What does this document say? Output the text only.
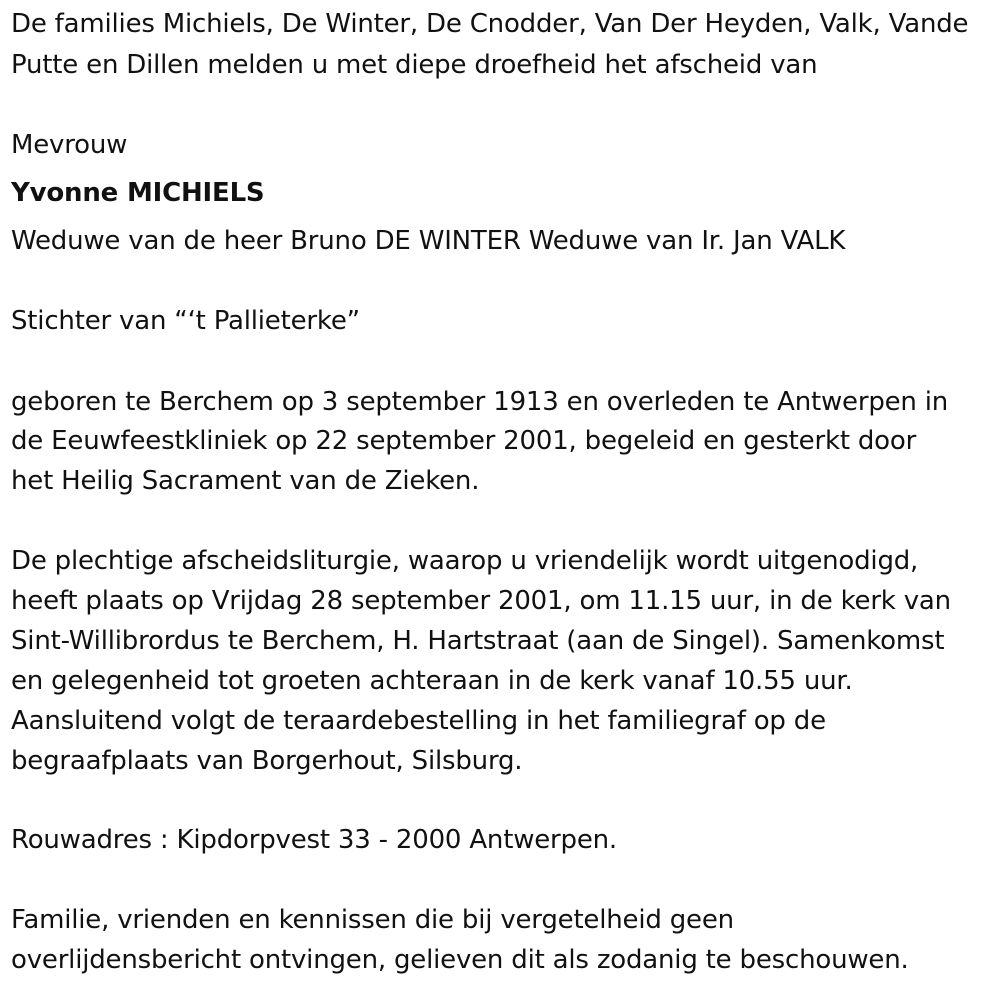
De families Michiels, De Winter, De Cnodder, Van Der Heyden, Valk, Vande
Putte en Dillen melden u met diepe droefheid het afscheid van
Mevrouw
Yvonne MICHIELS
Weduwe van de heer Bruno DE WINTER Weduwe van Ir. Jan VALK
Stichter van “‘t Pallieterke”
geboren te Berchem op 3 september 1913 en overleden te Antwerpen in
de Eeuwfeestkliniek op 22 september 2001, begeleid en gesterkt door
het Heilig Sacrament van de Zieken.
De plechtige afscheidsliturgie, waarop u vriendelijk wordt uitgenodigd,
heeft plaats op Vrijdag 28 september 2001, om 11.15 uur, in de kerk van
Sint-Willibrordus te Berchem, H. Hartstraat (aan de Singel). Samenkomst
en gelegenheid tot groeten achteraan in de kerk vanaf 10.55 uur.
Aansluitend volgt de teraardebestelling in het familiegraf op de
begraafplaats van Borgerhout, Silsburg.
Rouwadres : Kipdorpvest 33 - 2000 Antwerpen.
Familie, vrienden en kennissen die bij vergetelheid geen
overlijdensbericht ontvingen, gelieven dit als zodanig te beschouwen.
